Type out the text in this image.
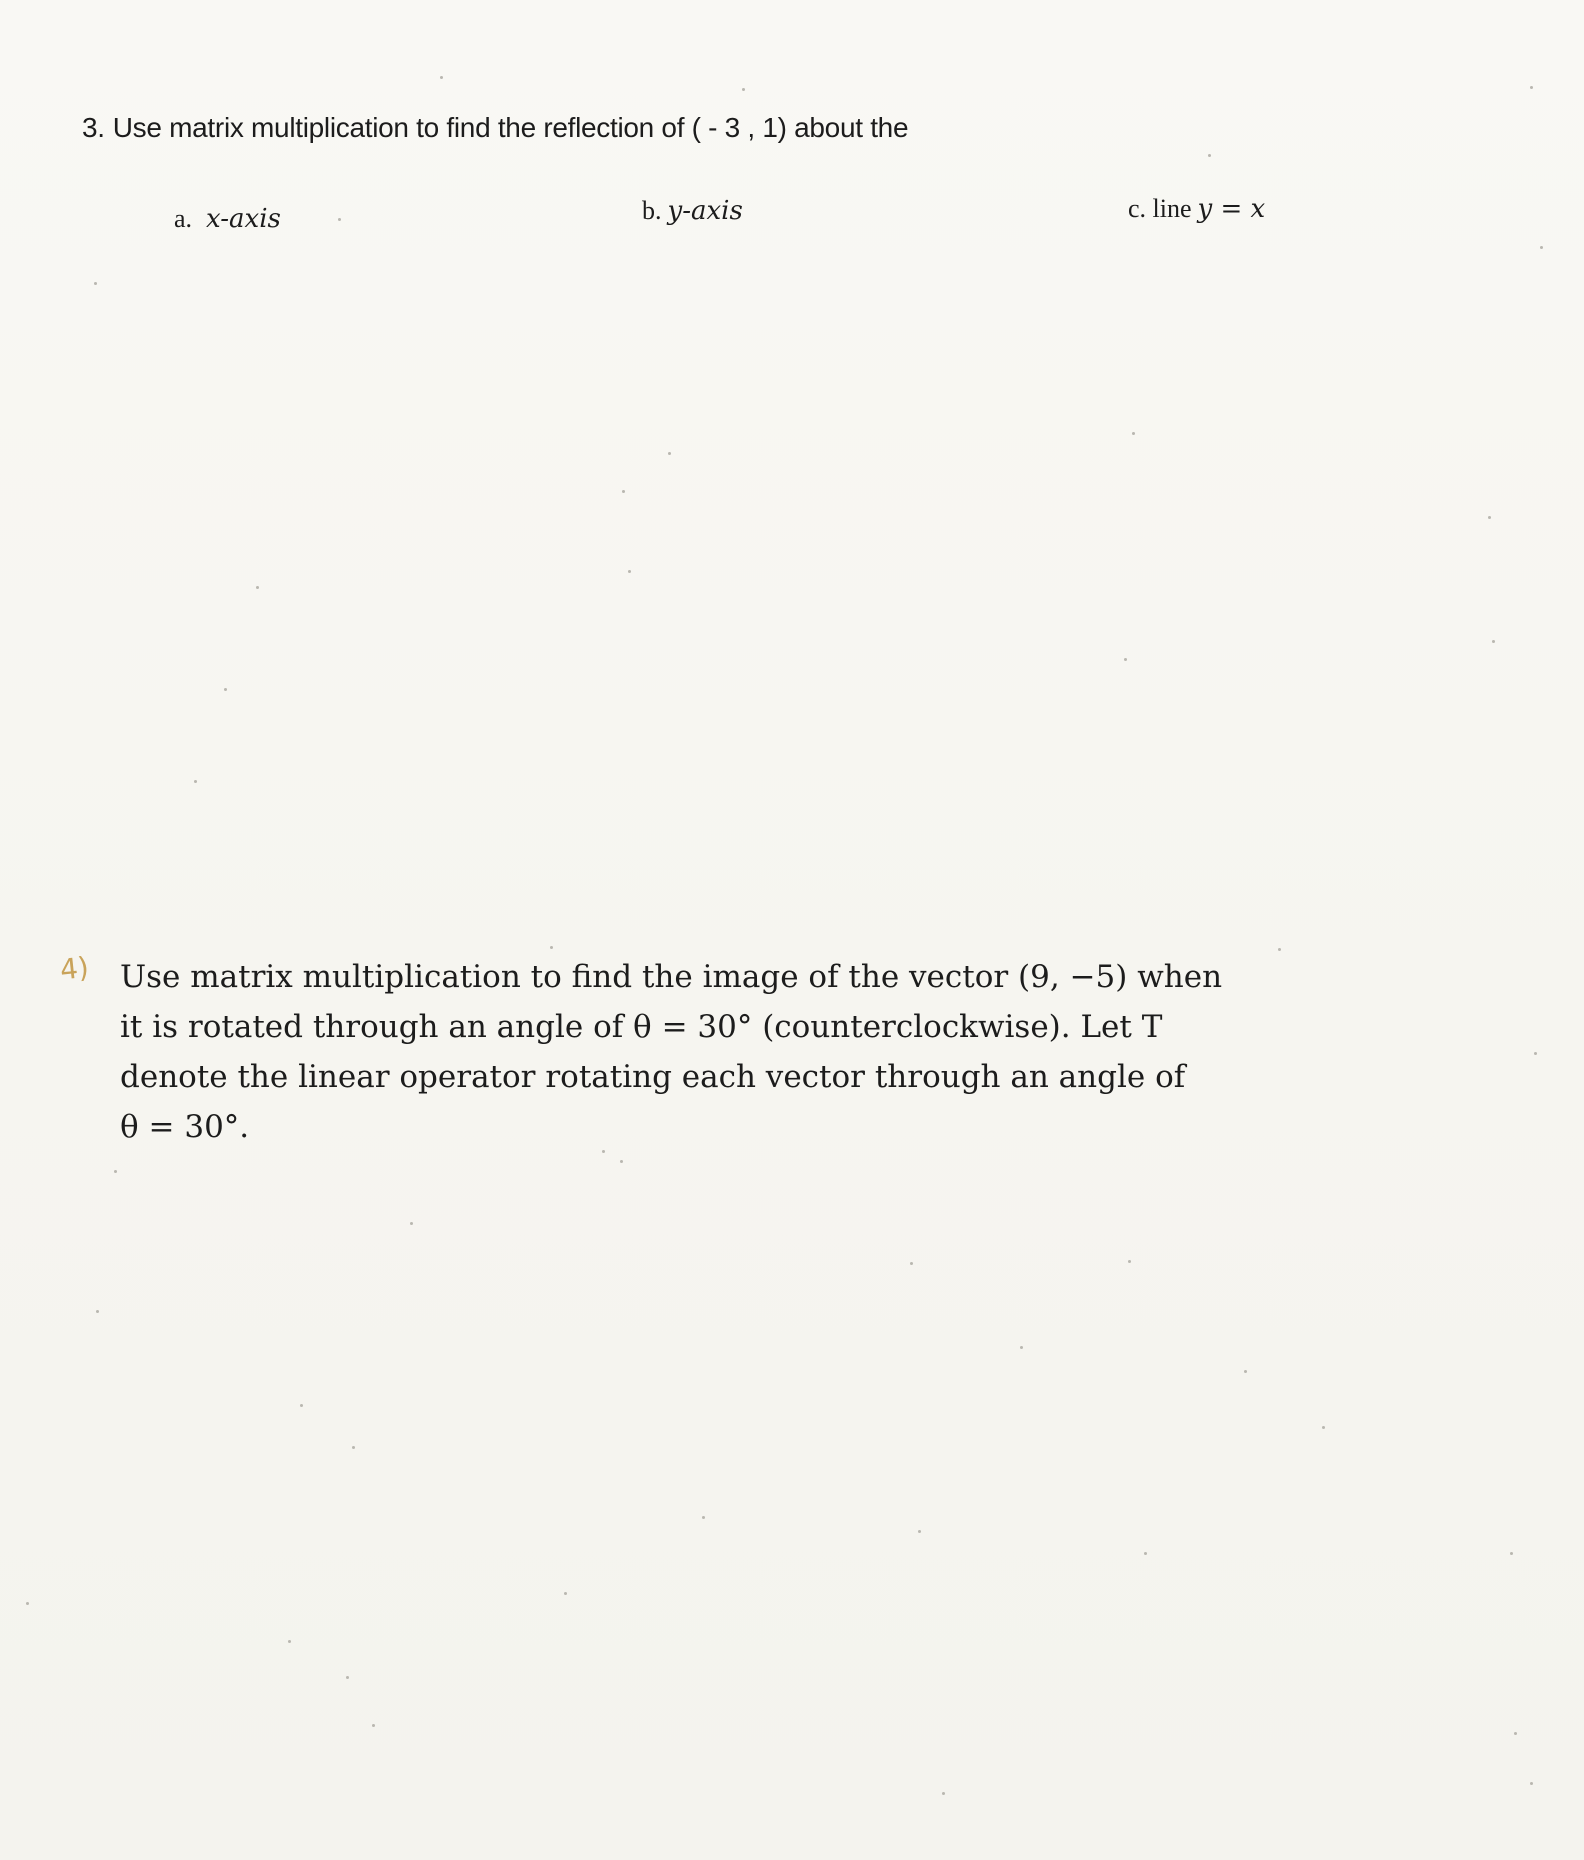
3. Use matrix multiplication to find the reflection of ( - 3 , 1) about the
a. x-axis	b. y-axis	c. line y = x
4) Use matrix multiplication to find the image of the vector (9, −5) when
it is rotated through an angle of θ = 30° (counterclockwise). Let T
denote the linear operator rotating each vector through an angle of
θ = 30°.
